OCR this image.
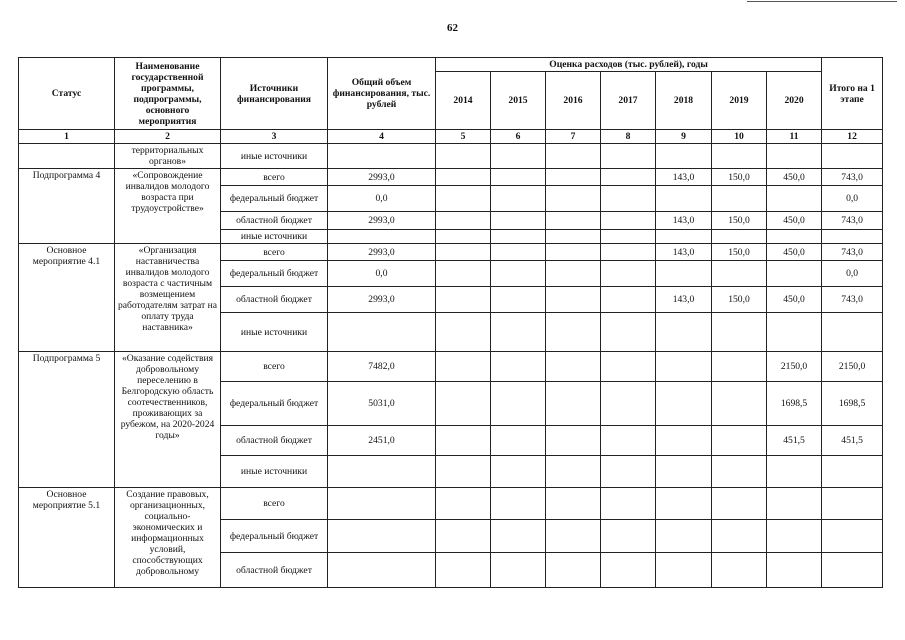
62
Статус	Наименование государственной программы, подпрограммы, основного мероприятия	Источники финансирования	Общий объем финансирования, тыс. рублей	Оценка расходов (тыс. рублей), годы							Итого на 1 этапе
				2014	2015	2016	2017	2018	2019	2020	
1	2	3	4	5	6	7	8	9	10	11	12
	территориальных органов»	иные источники									
Подпрограмма 4	«Сопровождение инвалидов молодого возраста при трудоустройстве»	всего	2993,0					143,0	150,0	450,0	743,0
		федеральный бюджет	0,0								0,0
		областной бюджет	2993,0					143,0	150,0	450,0	743,0
		иные источники									
Основное мероприятие 4.1	«Организация наставничества инвалидов молодого возраста с частичным возмещением работодателям затрат на оплату труда наставника»	всего	2993,0					143,0	150,0	450,0	743,0
		федеральный бюджет	0,0								0,0
		областной бюджет	2993,0					143,0	150,0	450,0	743,0
		иные источники									
Подпрограмма 5	«Оказание содействия добровольному переселению в Белгородскую область соотечественников, проживающих за рубежом, на 2020-2024 годы»	всего	7482,0							2150,0	2150,0
		федеральный бюджет	5031,0							1698,5	1698,5
		областной бюджет	2451,0							451,5	451,5
		иные источники									
Основное мероприятие 5.1	Создание правовых, организационных, социально-экономических и информационных условий, способствующих добровольному	всего									
		федеральный бюджет									
		областной бюджет									
